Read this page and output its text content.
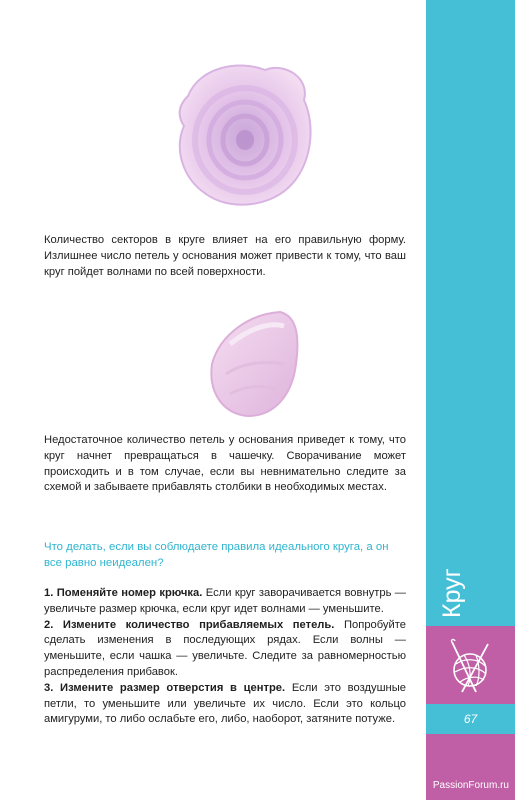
Количество секторов в круге влияет на его правильную форму. Излишнее число петель у основания может привести к тому, что ваш круг пойдет волнами по всей поверхности.

Недостаточное количество петель у основания приведет к тому, что круг начнет превращаться в чашечку. Сворачивание может происходить и в том случае, если вы невнимательно следите за схемой и забываете прибавлять столбики в необходимых местах.

Что делать, если вы соблюдаете правила идеального круга, а он все равно неидеален?

1. Поменяйте номер крючка. Если круг заворачивается вовнутрь — увеличьте размер крючка, если круг идет волнами — уменьшите.

2. Измените количество прибавляемых петель. Попробуйте сделать изменения в последующих рядах. Если волны — уменьшите, если чашка — увеличьте. Следите за равномерностью распределения прибавок.

3. Измените размер отверстия в центре. Если это воздушные петли, то уменьшите или увеличьте их число. Если это кольцо амигуруми, то либо ослабьте его, либо, наоборот, затяните потуже.

Круг
67
PassionForum.ru
